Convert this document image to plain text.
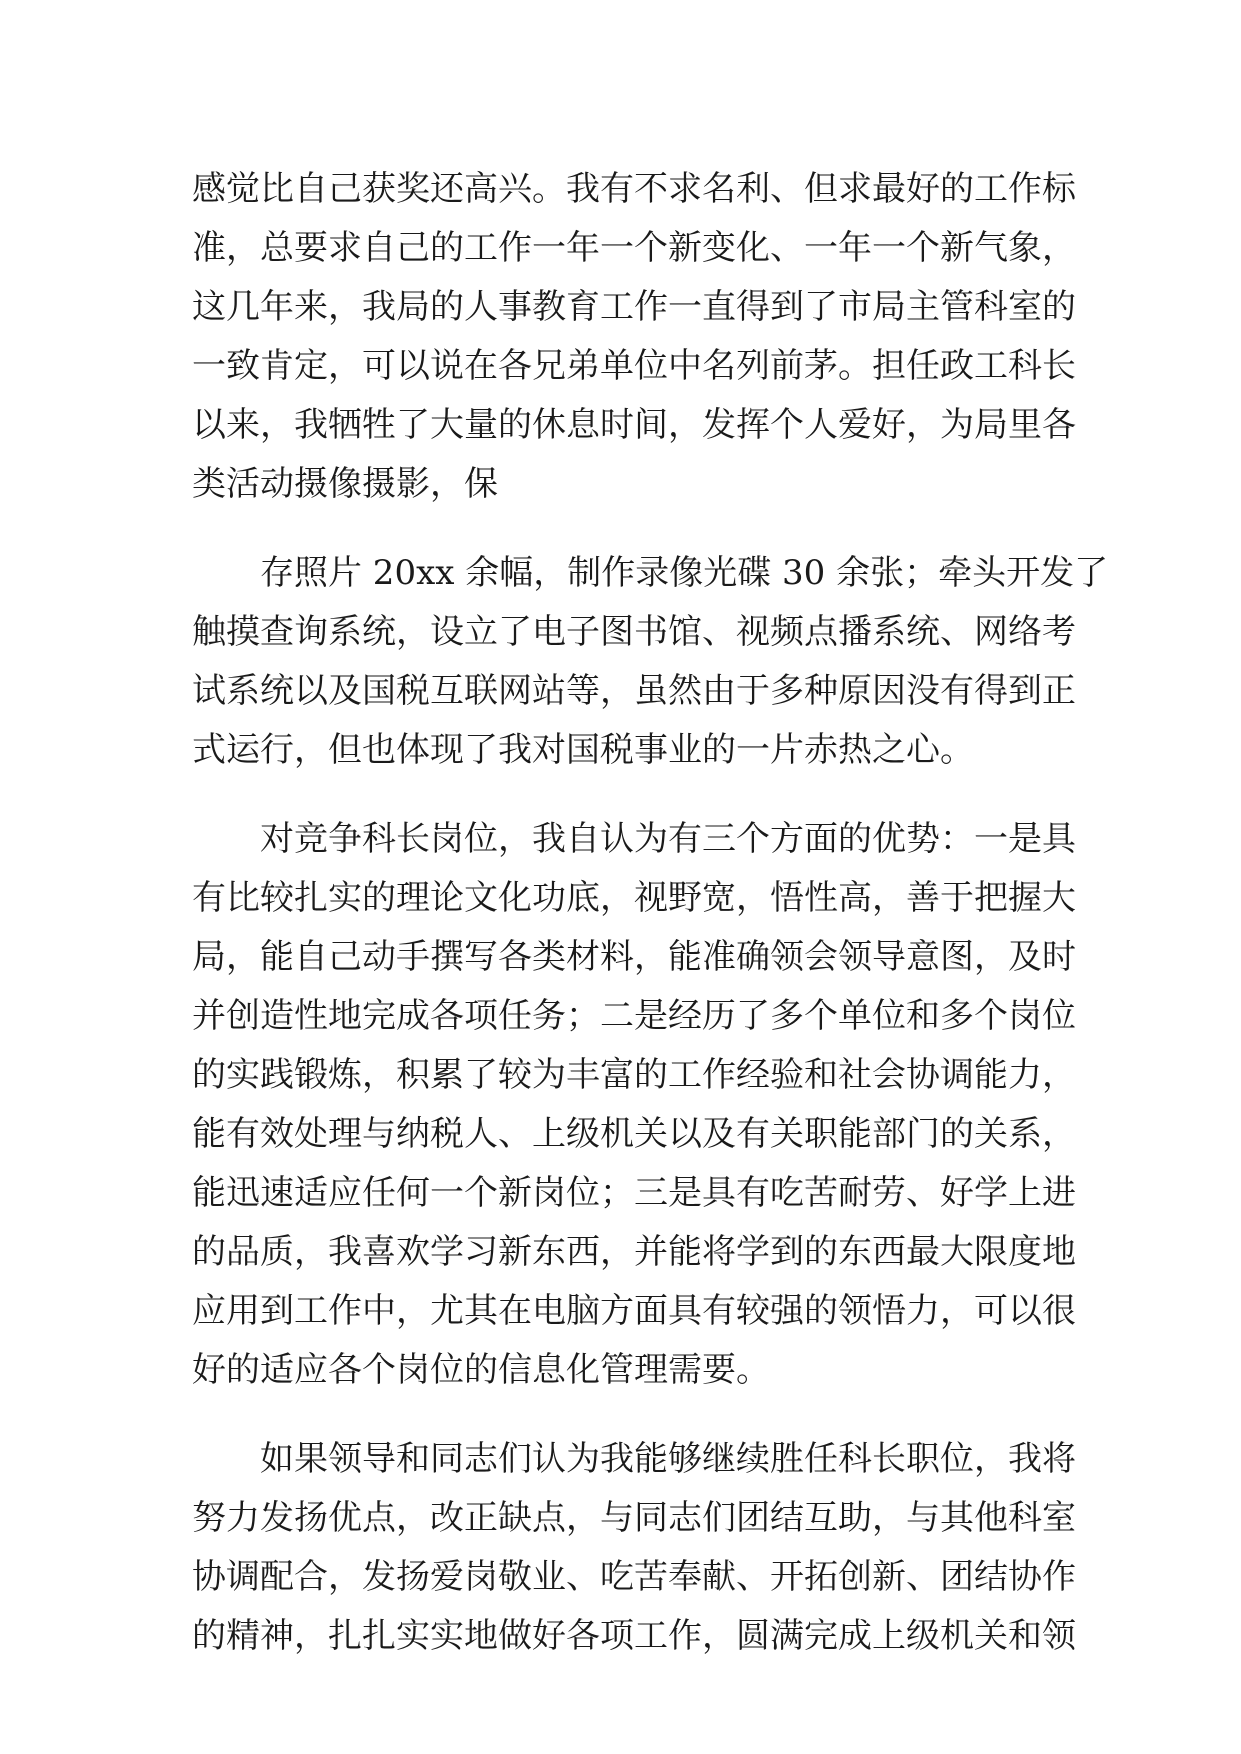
感觉比自己获奖还高兴。我有不求名利、但求最好的工作标
准，总要求自己的工作一年一个新变化、一年一个新气象，
这几年来，我局的人事教育工作一直得到了市局主管科室的
一致肯定，可以说在各兄弟单位中名列前茅。担任政工科长
以来，我牺牲了大量的休息时间，发挥个人爱好，为局里各
类活动摄像摄影，保
存照片 20xx 余幅，制作录像光碟 30 余张；牵头开发了
触摸查询系统，设立了电子图书馆、视频点播系统、网络考
试系统以及国税互联网站等，虽然由于多种原因没有得到正
式运行，但也体现了我对国税事业的一片赤热之心。
对竞争科长岗位，我自认为有三个方面的优势：一是具
有比较扎实的理论文化功底，视野宽，悟性高，善于把握大
局，能自己动手撰写各类材料，能准确领会领导意图，及时
并创造性地完成各项任务；二是经历了多个单位和多个岗位
的实践锻炼，积累了较为丰富的工作经验和社会协调能力，
能有效处理与纳税人、上级机关以及有关职能部门的关系，
能迅速适应任何一个新岗位；三是具有吃苦耐劳、好学上进
的品质，我喜欢学习新东西，并能将学到的东西最大限度地
应用到工作中，尤其在电脑方面具有较强的领悟力，可以很
好的适应各个岗位的信息化管理需要。
如果领导和同志们认为我能够继续胜任科长职位，我将
努力发扬优点，改正缺点，与同志们团结互助，与其他科室
协调配合，发扬爱岗敬业、吃苦奉献、开拓创新、团结协作
的精神，扎扎实实地做好各项工作，圆满完成上级机关和领
